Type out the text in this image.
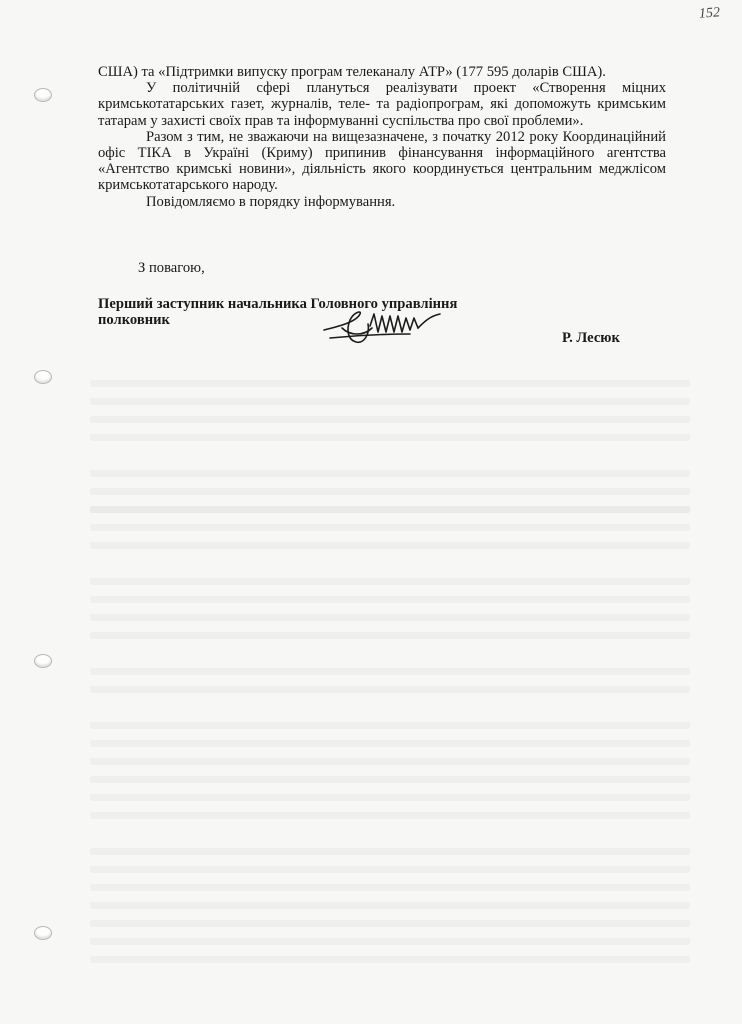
152

США) та «Підтримки випуску програм телеканалу АТР» (177 595 доларів США).

У політичній сфері плануться реалізувати проект «Створення міцних кримськотатарських газет, журналів, теле- та радіопрограм, які допоможуть кримським татарам у захисті своїх прав та інформуванні суспільства про свої проблеми».

Разом з тим, не зважаючи на вищезазначене, з початку 2012 року Координаційний офіс ТІКА в Україні (Криму) припинив фінансування інформаційного агентства «Агентство кримські новини», діяльність якого координується центральним меджлісом кримськотатарського народу.

Повідомляємо в порядку інформування.

З повагою,

Перший заступник начальника Головного управління
полковник
Р. Лесюк
